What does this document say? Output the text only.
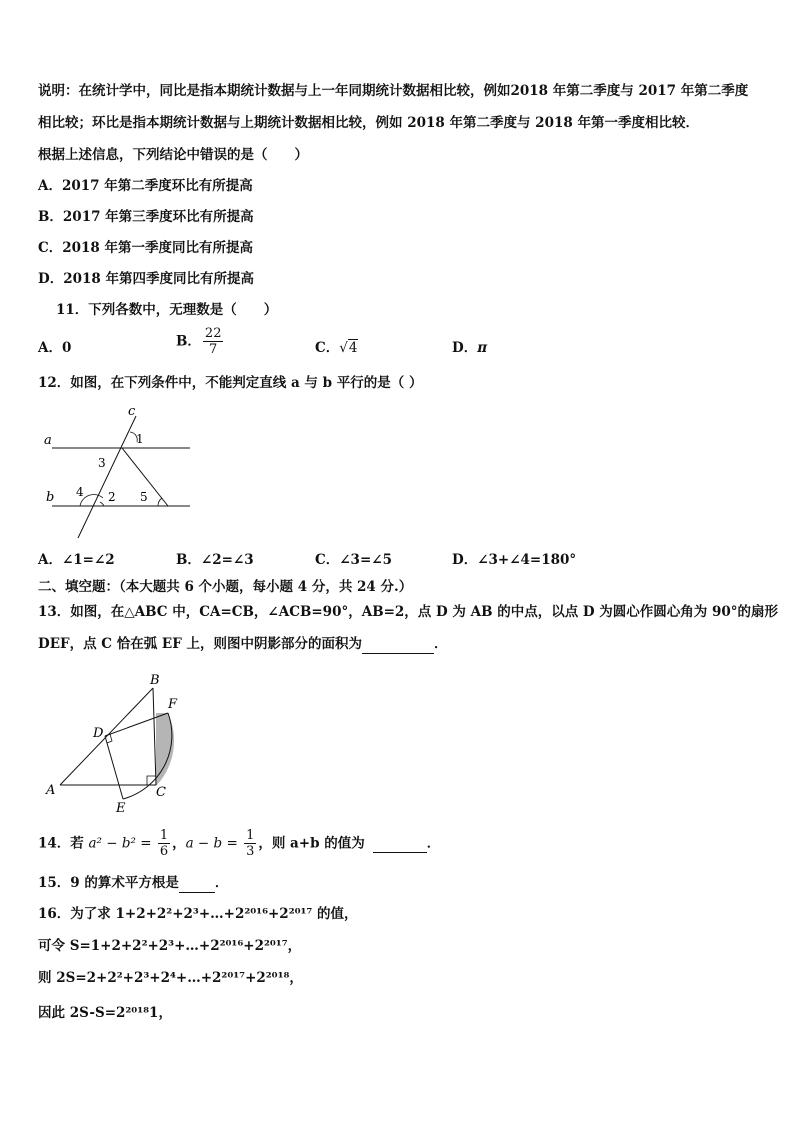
说明：在统计学中，同比是指本期统计数据与上一年同期统计数据相比较，例如2018 年第二季度与 2017 年第二季度
相比较；环比是指本期统计数据与上期统计数据相比较，例如 2018 年第二季度与 2018 年第一季度相比较．
根据上述信息，下列结论中错误的是（　　）
A．2017 年第二季度环比有所提高
B．2017 年第三季度环比有所提高
C．2018 年第一季度同比有所提高
D．2018 年第四季度同比有所提高
11．下列各数中，无理数是（　　）
A．0	B． $\frac{22}{7}$	C．√4	D．π
12．如图，在下列条件中，不能判定直线 a 与 b 平行的是（ ）
a
b
c
1
3
4 2 5
A．∠1=∠2	B．∠2=∠3	C．∠3=∠5	D．∠3+∠4=180°
二、填空题：（本大题共 6 个小题，每小题 4 分，共 24 分.）
13．如图，在△ABC 中，CA=CB，∠ACB=90°，AB=2，点 D 为 AB 的中点，以点 D 为圆心作圆心角为 90°的扇形
DEF，点 C 恰在弧 EF 上，则图中阴影部分的面积为	．
A
B
C
D
E
F
14．若 $a^2 - b^2 = \frac{1}{6}$ ，$a - b = \frac{1}{3}$ ，则 a+b 的值为	．
15．9 的算术平方根是	．
16．为了求 1+2+2²+2³+…+2²⁰¹⁶+2²⁰¹⁷ 的值，
可令 S=1+2+2²+2³+…+2²⁰¹⁶+2²⁰¹⁷，
则 2S=2+2²+2³+2⁴+…+2²⁰¹⁷+2²⁰¹⁸，
因此 2S-S=2²⁰¹⁸1，
